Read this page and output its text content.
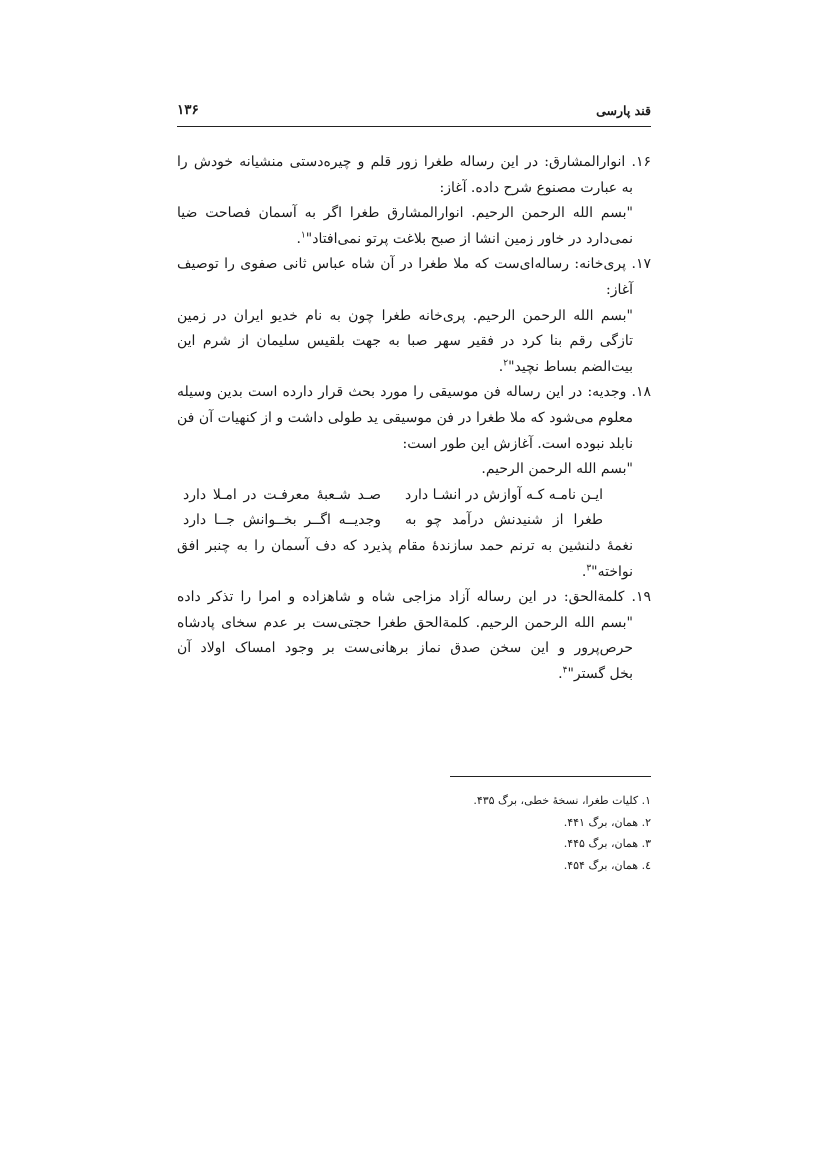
قند پارسی
۱۳۶
۱۶. انوارالمشارق: در این رساله طغرا زور قلم و چیره‌دستی منشیانه خودش را
به عبارت مصنوع شرح داده. آغاز:
"بسم الله الرحمن الرحیم. انوارالمشارق طغرا اگر به آسمان فصاحت ضیا
نمی‌دارد در خاور زمین انشا از صبح بلاغت پرتو نمی‌افتاد"$^۱$.
۱۷. پری‌خانه: رساله‌ای‌ست که ملا طغرا در آن شاه عباس ثانی صفوی را توصیف
آغاز:
"بسم الله الرحمن الرحیم. پری‌خانه طغرا چون به نام خدیو ایران در زمین
تازگی رقم بنا کرد در فقیر سهر صبا به جهت بلقیس سلیمان از شرم این
بیت‌الضم بساط نچید"$^۲$.
۱۸. وجدیه: در این رساله فن موسیقی را مورد بحث قرار دارده است بدین وسیله
معلوم می‌شود که ملا طغرا در فن موسیقی ید طولی داشت و از کنهیات آن فن
نابلد نبوده است. آغازش این طور است:
"بسم الله الرحمن الرحیم.
ایـن نامـه کـه آوازش در انشـا دارد
صـد شـعبهٔ معرفـت در امـلا دارد
طغرا از شنیدنش درآمد چو به
وجدیــه اگــر بخــوانش جــا دارد
نغمهٔ دلنشین به ترنم حمد سازندهٔ مقام پذیرد که دف آسمان را به چنبر افق
نواخته"$^۳$.
۱۹. کلمة‌الحق: در این رساله آزاد مزاجی شاه و شاهزاده و امرا را تذکر داده
"بسم الله الرحمن الرحیم. کلمة‌الحق طغرا حجتی‌ست بر عدم سخای پادشاه
حرص‌پرور و این سخن صدق نماز برهانی‌ست بر وجود امساک اولاد آن
بخل گستر"$^۴$.
۱. کلیات طغرا، نسخهٔ خطی، برگ ۴۳۵.
۲. همان، برگ ۴۴۱.
۳. همان، برگ ۴۴۵.
٤. همان، برگ ۴۵۴.
